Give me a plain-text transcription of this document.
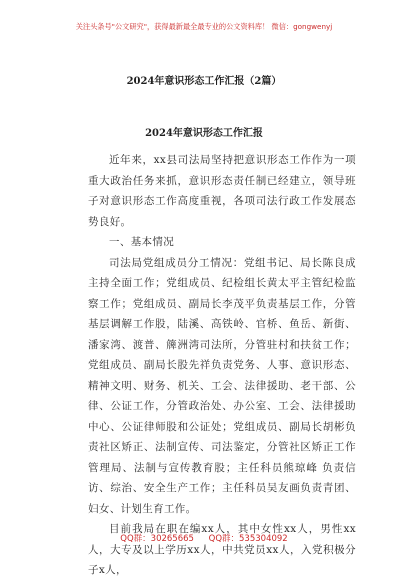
关注头条号"公文研究"，获得最新最全最专业的公文资料库！ 微信：gongwenyj
2024年意识形态工作汇报（2篇）
2024年意识形态工作汇报

近年来，xx县司法局坚持把意识形态工作作为一项重大政治任务来抓，意识形态责任制已经建立，领导班子对意识形态工作高度重视，各项司法行政工作发展态势良好。

一、基本情况

司法局党组成员分工情况：党组书记、局长陈良成主持全面工作；党组成员、纪检组长黄太平主管纪检监察工作；党组成员、副局长李茂平负责基层工作，分管基层调解工作股，陆溪、高铁岭、官桥、鱼岳、新街、潘家湾、渡普、簰洲湾司法所，分管驻村和扶贫工作；党组成员、副局长股先祥负责党务、人事、意识形态、精神文明、财务、机关、工会、法律援助、老干部、公律、公证工作，分管政治处、办公室、工会、法律援助中心、公证律师股和公证处；党组成员、副局长胡彬负责社区矫正、法制宣传、司法鉴定，分管社区矫正工作管理局、法制与宣传教育股；主任科员熊琼峰 负责信访、综治、安全生产工作；主任科员吴友画负责青团、妇女、计划生育工作。

目前我局在职在编xx人，其中女性xx人，男性xx人，大专及以上学历xx人，中共党员xx人，入党积极分子x人，

QQ群：30265665 QQ群：535304092
